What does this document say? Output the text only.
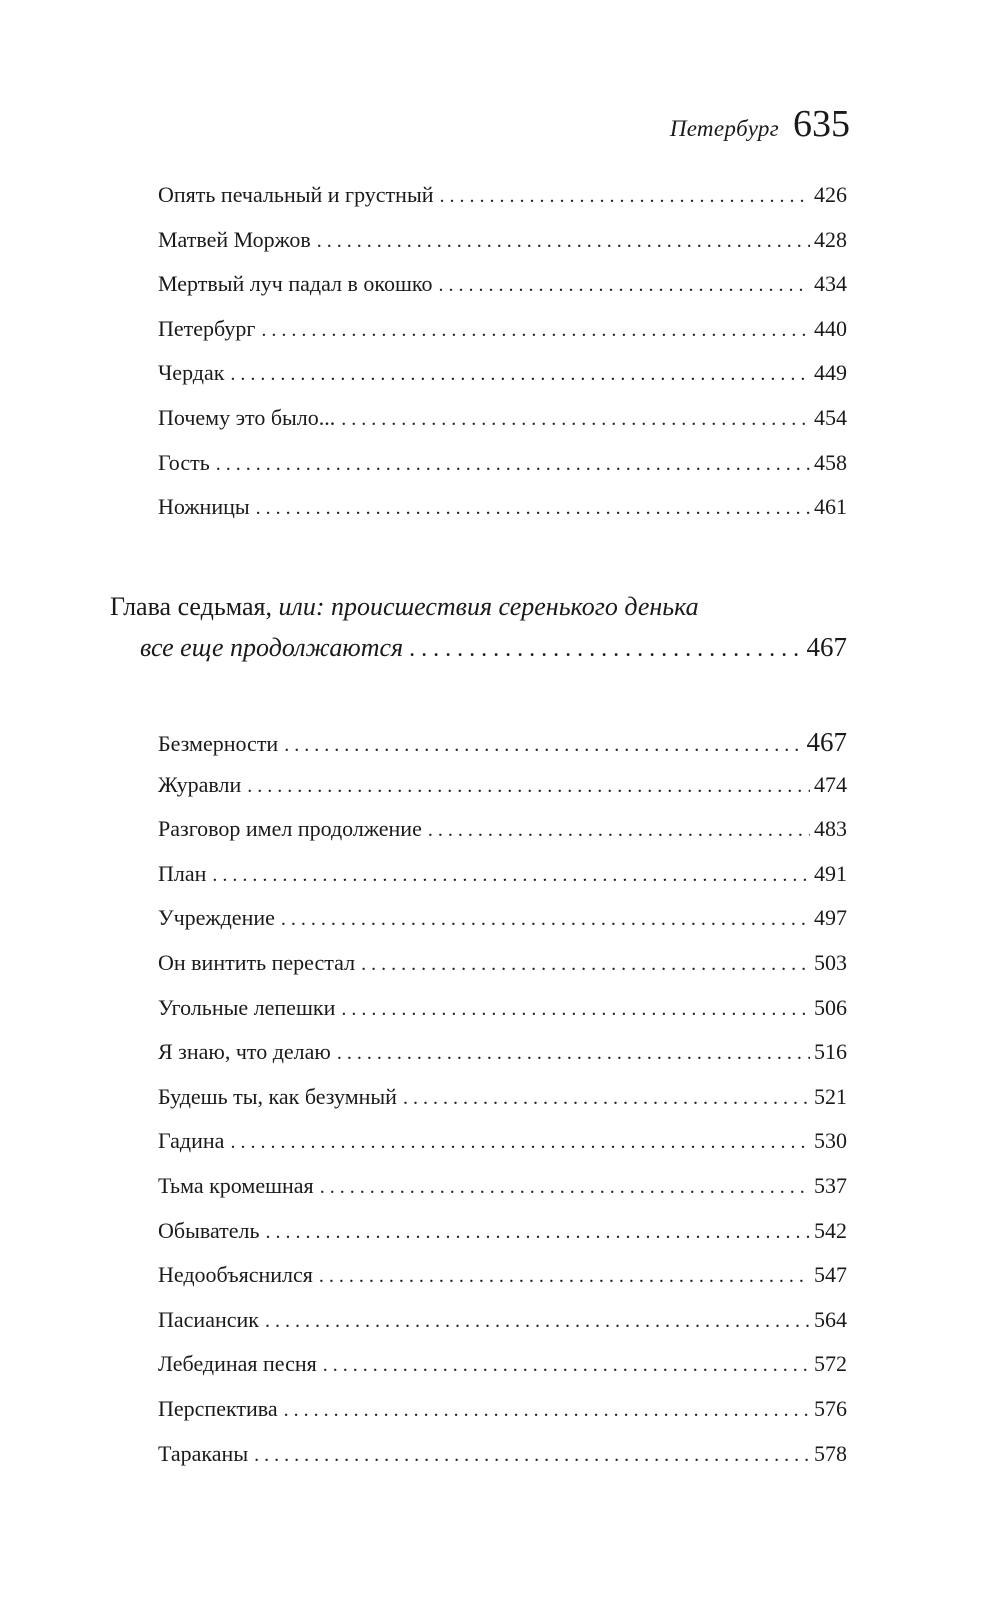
Петербург 635
Опять печальный и грустный . . .	426
Матвей Моржов . . .	428
Мертвый луч падал в окошко . . .	434
Петербург . . .	440
Чердак . . .	449
Почему это было... . . .	454
Гость . . .	458
Ножницы . . .	461
Глава седьмая, или: происшествия серенького денька
все еще продолжаются . . .	467
Безмерности . . .	467
Журавли . . .	474
Разговор имел продолжение . . .	483
План . . .	491
Учреждение . . .	497
Он винтить перестал . . .	503
Угольные лепешки . . .	506
Я знаю, что делаю . . .	516
Будешь ты, как безумный . . .	521
Гадина . . .	530
Тьма кромешная . . .	537
Обыватель . . .	542
Недообъяснился . . .	547
Пасиансик . . .	564
Лебединая песня . . .	572
Перспектива . . .	576
Тараканы . . .	578
